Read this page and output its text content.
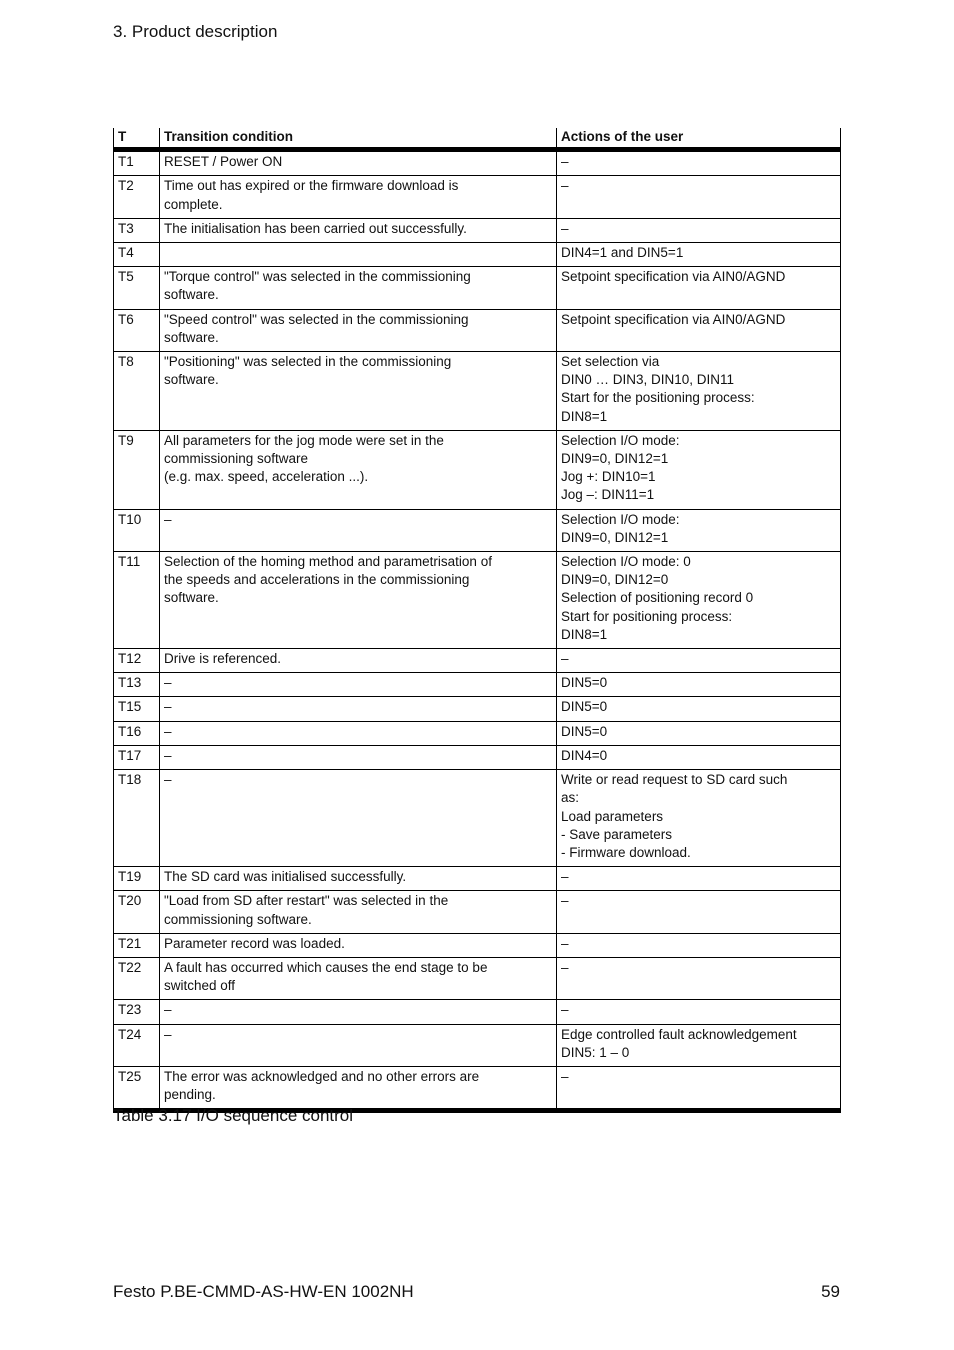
3. Product description
T	Transition condition	Actions of the user
T1	RESET / Power ON	–
T2	Time out has expired or the firmware download is
complete.	–
T3	The initialisation has been carried out successfully.	–
T4		DIN4=1 and DIN5=1
T5	"Torque control" was selected in the commissioning
software.	Setpoint specification via AIN0/AGND
T6	"Speed control" was selected in the commissioning
software.	Setpoint specification via AIN0/AGND
T8	"Positioning" was selected in the commissioning
software.	Set selection via
DIN0 … DIN3, DIN10, DIN11
Start for the positioning process:
DIN8=1
T9	All parameters for the jog mode were set in the
commissioning software
(e.g. max. speed, acceleration ...).	Selection I/O mode:
DIN9=0, DIN12=1
Jog +: DIN10=1
Jog –: DIN11=1
T10	–	Selection I/O mode:
DIN9=0, DIN12=1
T11	Selection of the homing method and parametrisation of
the speeds and accelerations in the commissioning
software.	Selection I/O mode: 0
DIN9=0, DIN12=0
Selection of positioning record 0
Start for positioning process:
DIN8=1
T12	Drive is referenced.	–
T13	–	DIN5=0
T15	–	DIN5=0
T16	–	DIN5=0
T17	–	DIN4=0
T18	–	Write or read request to SD card such
as:
Load parameters
- Save parameters
- Firmware download.
T19	The SD card was initialised successfully.	–
T20	"Load from SD after restart" was selected in the
commissioning software.	–
T21	Parameter record was loaded.	–
T22	A fault has occurred which causes the end stage to be
switched off	–
T23	–	–
T24	–	Edge controlled fault acknowledgement
DIN5: 1 – 0
T25	The error was acknowledged and no other errors are
pending.	–
Table 3.17 I/O sequence control
Festo P.BE-CMMD-AS-HW-EN 1002NH	59
